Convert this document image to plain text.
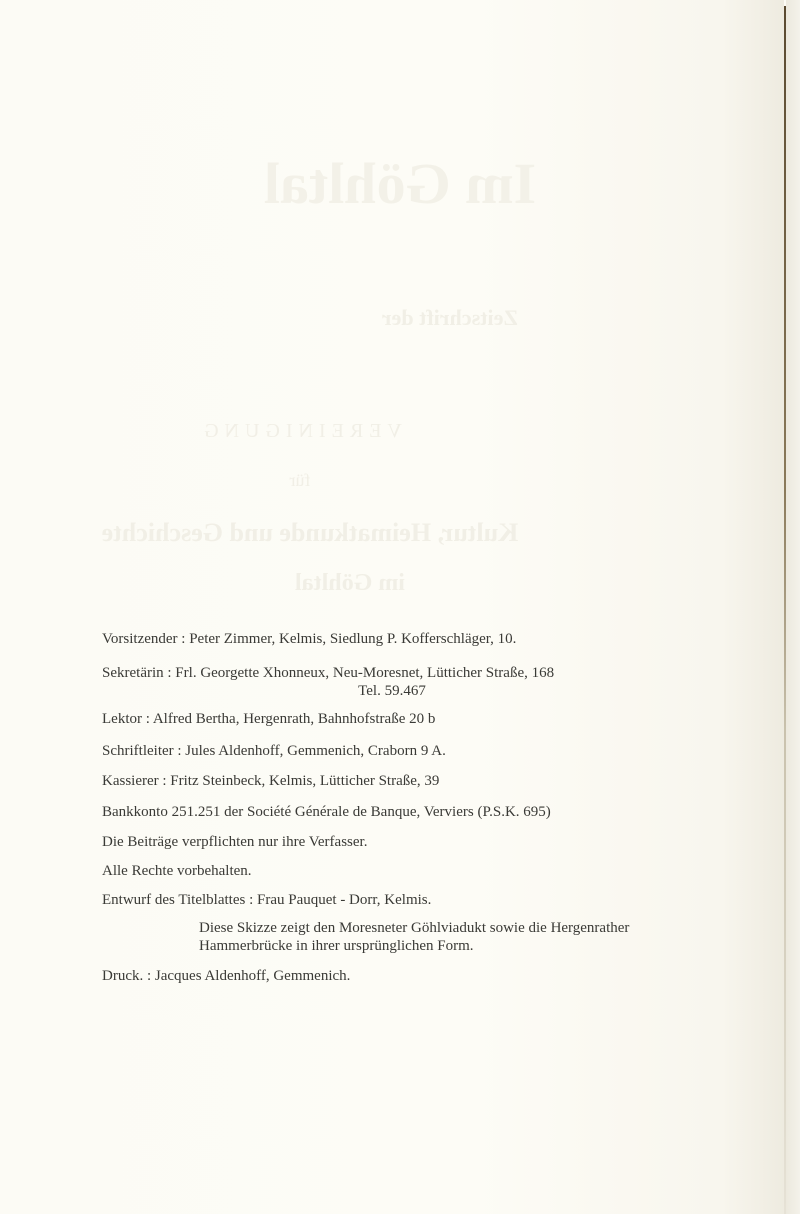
Im Göhltal
Zeitschrift der
VEREINIGUNG
für
Kultur, Heimatkunde und Geschichte
im Göhltal
Vorsitzender : Peter Zimmer, Kelmis, Siedlung P. Kofferschläger, 10.
Sekretärin : Frl. Georgette Xhonneux, Neu-Moresnet, Lütticher Straße, 168
Tel. 59.467
Lektor : Alfred Bertha, Hergenrath, Bahnhofstraße 20 b
Schriftleiter : Jules Aldenhoff, Gemmenich, Craborn 9 A.
Kassierer : Fritz Steinbeck, Kelmis, Lütticher Straße, 39
Bankkonto 251.251 der Société Générale de Banque, Verviers (P.S.K. 695)
Die Beiträge verpflichten nur ihre Verfasser.
Alle Rechte vorbehalten.
Entwurf des Titelblattes : Frau Pauquet - Dorr, Kelmis.
Diese Skizze zeigt den Moresneter Göhlviadukt sowie die Hergenrather Hammerbrücke in ihrer ursprünglichen Form.
Druck. : Jacques Aldenhoff, Gemmenich.
